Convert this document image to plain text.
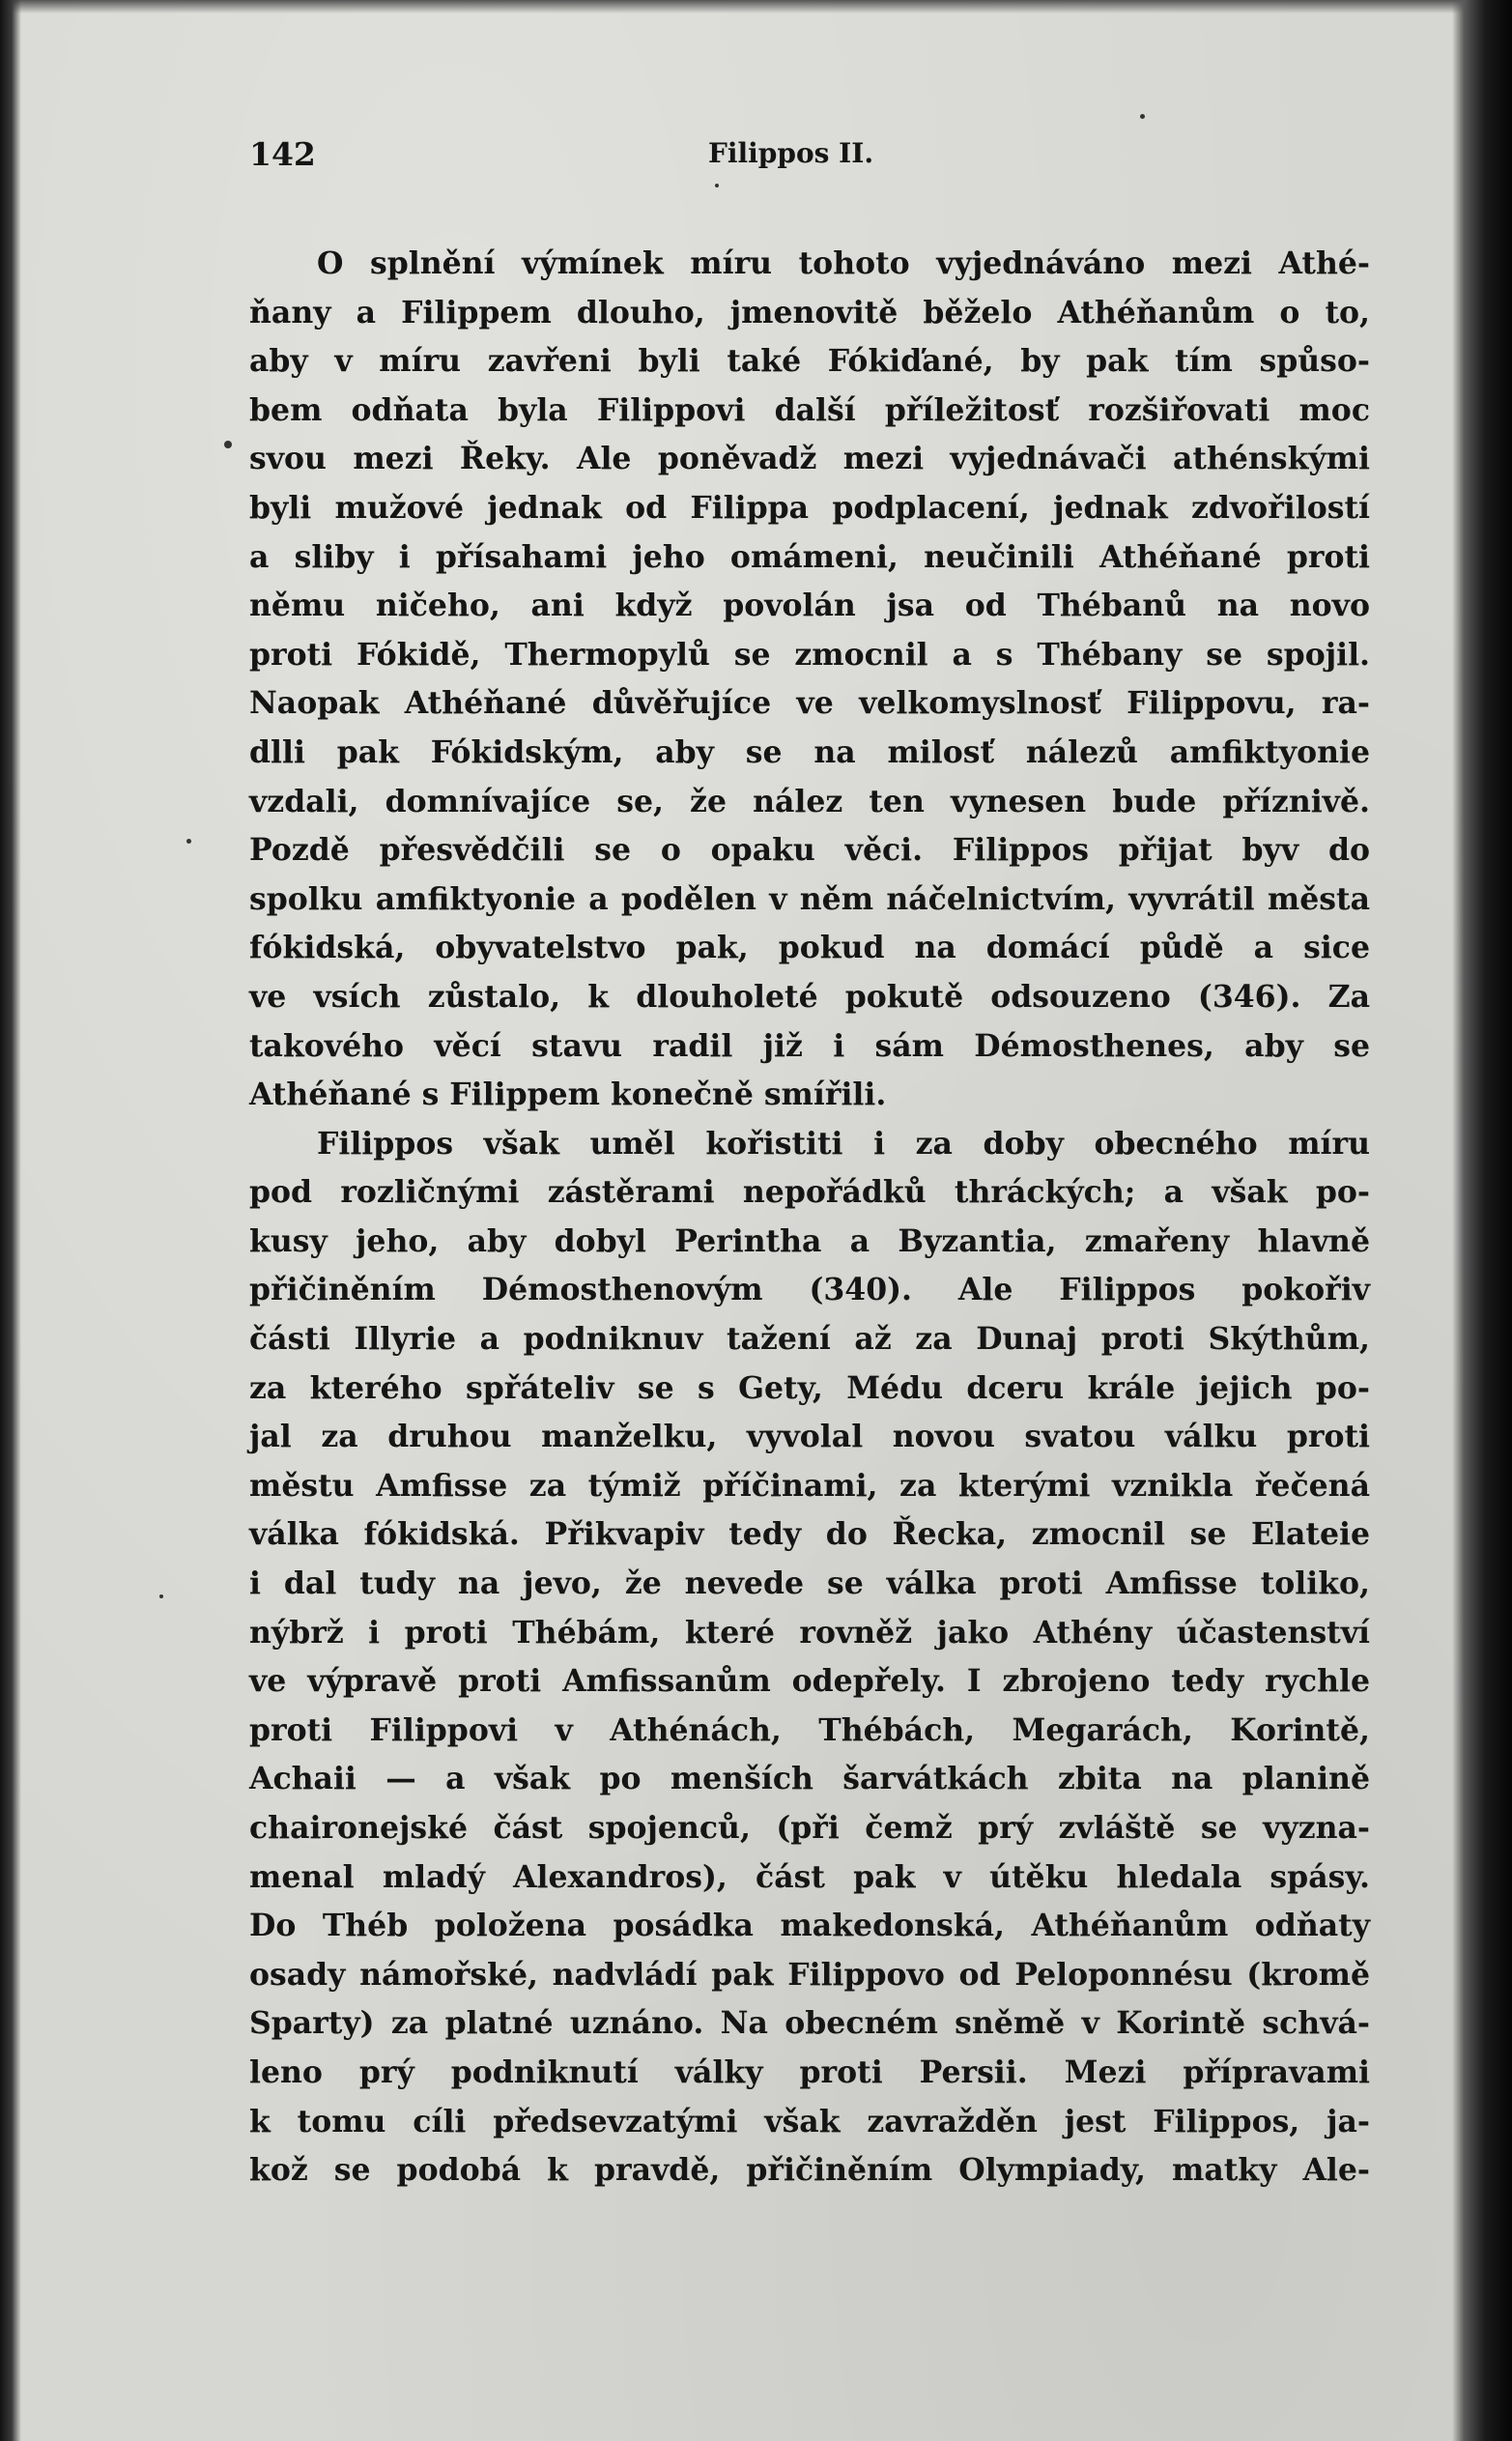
142	Filippos II.
O splnění výmínek míru tohoto vyjednáváno mezi Athé-
ňany a Filippem dlouho, jmenovitě běželo Athéňanům o to,
aby v míru zavřeni byli také Fókiďané, by pak tím spůso-
bem odňata byla Filippovi další příležitosť rozšiřovati moc
svou mezi Řeky. Ale poněvadž mezi vyjednávači athénskými
byli mužové jednak od Filippa podplacení, jednak zdvořilostí
a sliby i přísahami jeho omámeni, neučinili Athéňané proti
němu ničeho, ani když povolán jsa od Thébanů na novo
proti Fókidě, Thermopylů se zmocnil a s Thébany se spojil.
Naopak Athéňané důvěřujíce ve velkomyslnosť Filippovu, ra-
dlli pak Fókidským, aby se na milosť nálezů amfiktyonie
vzdali, domnívajíce se, že nález ten vynesen bude příznivě.
Pozdě přesvědčili se o opaku věci. Filippos přijat byv do
spolku amfiktyonie a podělen v něm náčelnictvím, vyvrátil města
fókidská, obyvatelstvo pak, pokud na domácí půdě a sice
ve vsích zůstalo, k dlouholeté pokutě odsouzeno (346). Za
takového věcí stavu radil již i sám Démosthenes, aby se
Athéňané s Filippem konečně smířili.
Filippos však uměl kořistiti i za doby obecného míru
pod rozličnými zástěrami nepořádků thráckých; a však po-
kusy jeho, aby dobyl Perintha a Byzantia, zmařeny hlavně
přičiněním Démosthenovým (340). Ale Filippos pokořiv
části Illyrie a podniknuv tažení až za Dunaj proti Skýthům,
za kterého spřáteliv se s Gety, Médu dceru krále jejich po-
jal za druhou manželku, vyvolal novou svatou válku proti
městu Amfisse za týmiž příčinami, za kterými vznikla řečená
válka fókidská. Přikvapiv tedy do Řecka, zmocnil se Elateie
i dal tudy na jevo, že nevede se válka proti Amfisse toliko,
nýbrž i proti Thébám, které rovněž jako Athény účastenství
ve výpravě proti Amfissanům odepřely. I zbrojeno tedy rychle
proti Filippovi v Athénách, Thébách, Megarách, Korintě,
Achaii — a však po menších šarvátkách zbita na planině
chaironejské část spojenců, (při čemž prý zvláště se vyzna-
menal mladý Alexandros), část pak v útěku hledala spásy.
Do Théb položena posádka makedonská, Athéňanům odňaty
osady námořské, nadvládí pak Filippovo od Peloponnésu (kromě
Sparty) za platné uznáno. Na obecném sněmě v Korintě schvá-
leno prý podniknutí války proti Persii. Mezi přípravami
k tomu cíli předsevzatými však zavražděn jest Filippos, ja-
kož se podobá k pravdě, přičiněním Olympiady, matky Ale-
